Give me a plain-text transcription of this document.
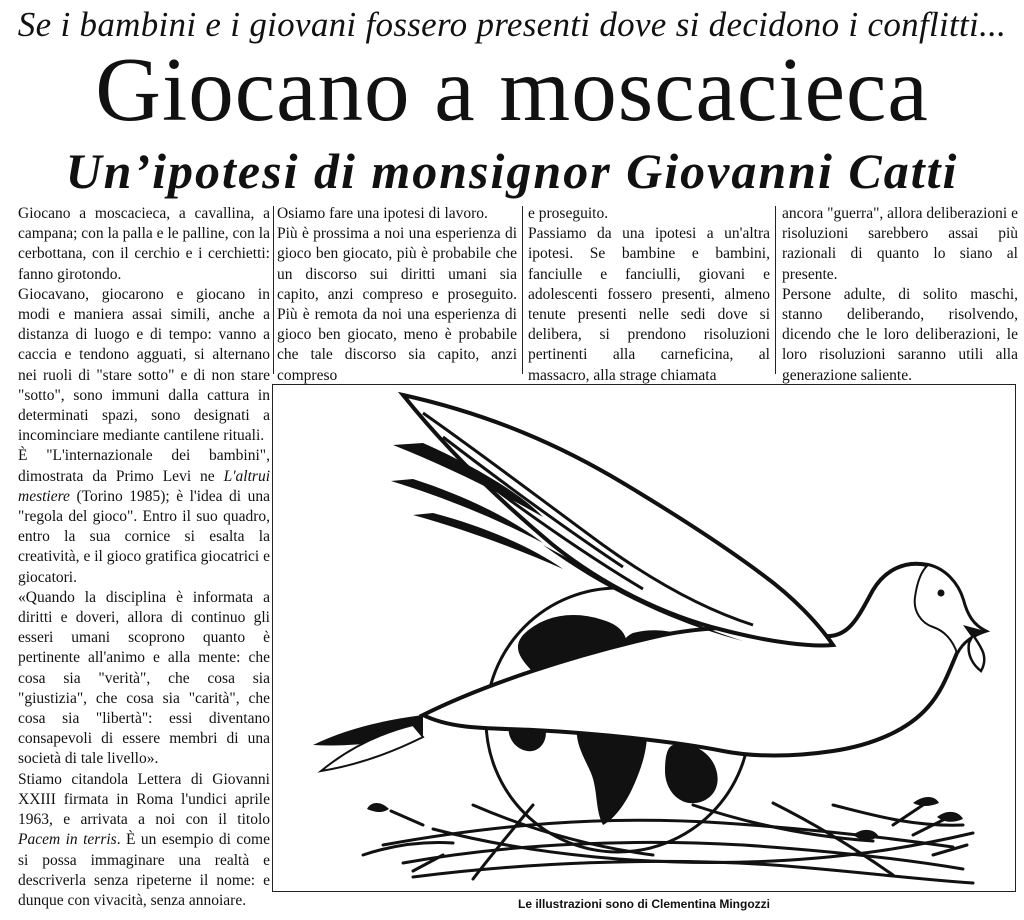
Se i bambini e i giovani fossero presenti dove si decidono i conflitti...
Giocano a moscacieca
Un’ipotesi di monsignor Giovanni Catti

Giocano a moscacieca, a cavallina, a campana; con la palla e le palline, con la cerbottana, con il cerchio e i cerchietti: fanno girotondo.

Giocavano, giocarono e giocano in modi e maniera assai simili, anche a distanza di luogo e di tempo: vanno a caccia e tendono agguati, si alternano nei ruoli di "stare sotto" e di non stare "sotto", sono immuni dalla cattura in determinati spazi, sono designati a incominciare mediante cantilene rituali.

È "L'internazionale dei bambini", dimostrata da Primo Levi ne L'altrui mestiere (Torino 1985); è l'idea di una "regola del gioco". Entro il suo quadro, entro la sua cornice si esalta la creatività, e il gioco gratifica giocatrici e giocatori.

«Quando la disciplina è informata a diritti e doveri, allora di continuo gli esseri umani scoprono quanto è pertinente all'animo e alla mente: che cosa sia "verità", che cosa sia "giustizia", che cosa sia "carità", che cosa sia "libertà": essi diventano consapevoli di essere membri di una società di tale livello».

Stiamo citandola Lettera di Giovanni XXIII firmata in Roma l'undici aprile 1963, e arrivata a noi con il titolo Pacem in terris. È un esempio di come si possa immaginare una realtà e descriverla senza ripeterne il nome: e dunque con vivacità, senza annoiare.

Osiamo fare una ipotesi di lavoro.

Più è prossima a noi una esperienza di gioco ben giocato, più è probabile che un discorso sui diritti umani sia capito, anzi compreso e proseguito. Più è remota da noi una esperienza di gioco ben giocato, meno è probabile che tale discorso sia capito, anzi compreso

e proseguito.

Passiamo da una ipotesi a un'altra ipotesi. Se bambine e bambini, fanciulle e fanciulli, giovani e adolescenti fossero presenti, almeno tenute presenti nelle sedi dove si delibera, si prendono risoluzioni pertinenti alla carneficina, al massacro, alla strage chiamata

ancora "guerra", allora deliberazioni e risoluzioni sarebbero assai più razionali di quanto lo siano al presente.

Persone adulte, di solito maschi, stanno deliberando, risolvendo, dicendo che le loro deliberazioni, le loro risoluzioni saranno utili alla generazione saliente.

Le illustrazioni sono di Clementina Mingozzi
